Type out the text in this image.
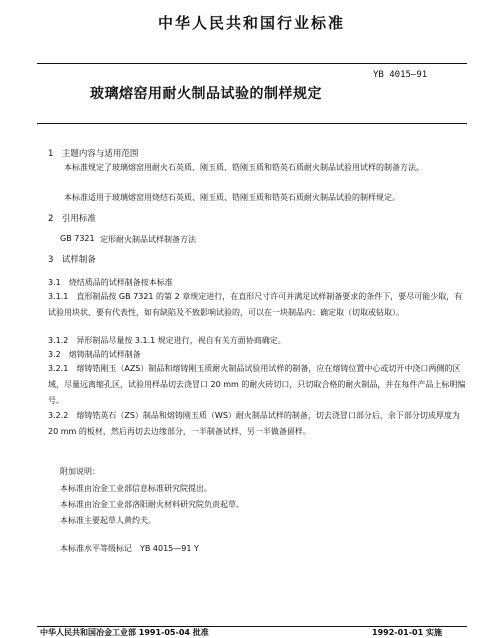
中华人民共和国行业标准
YB 4015—91
玻璃熔窑用耐火制品试验的制样规定
1　主题内容与适用范围
本标准规定了玻璃熔窑用耐火石英质、刚玉质、锆刚玉质和锆英石质耐火制品试验用试样的制备方法。
本标准适用于玻璃熔窑用烧结石英质、刚玉质、锆刚玉质和锆英石质耐火制品试验的制样规定。
2　引用标准
GB 7321 定形耐火制品试样制备方法
3　试样制备
3.1　烧结质品的试样制备按本标准
3.1.1　直形制品按 GB 7321 的第 2 章规定进行，在直形尺寸许可并满足试样制备要求的条件下，要尽可能少取，有试验用块状、要有代表性，如有缺陷及不致影响试验的，可以在一块制品内：确定取（切取或钻取）。
3.1.2　异形制品尽量按 3.1.1 规定进行，视自有关方面协商确定。
3.2　熔铸制品的试样制备
3.2.1　熔铸锆刚玉（AZS）制品和熔铸刚玉质耐火制品试验用试样的制备，应在熔铸位置中心或切开中浇口两侧的区域，尽量远离缩孔区，试验用样品切去浇冒口 20 mm 的耐火砖切口，只切取合格的耐火制品，并在每件产品上标明编号。
3.2.2　熔铸锆英石（ZS）制品和熔铸刚玉质（WS）耐火制品试样的制备，切去浇冒口部分后，余下部分切成厚度为 20 mm 的板材，然后再切去边缘部分，一半制备试样，另一半做备留样。
附加说明：
本标准由冶金工业部信息标准研究院提出。
本标准由冶金工业部洛阳耐火材料研究院负责起草。
本标准主要起草人黄约夫。
本标准水平等级标记　YB 4015—91 Y
中华人民共和国冶金工业部 1991-05-04 批准	1992-01-01 实施
